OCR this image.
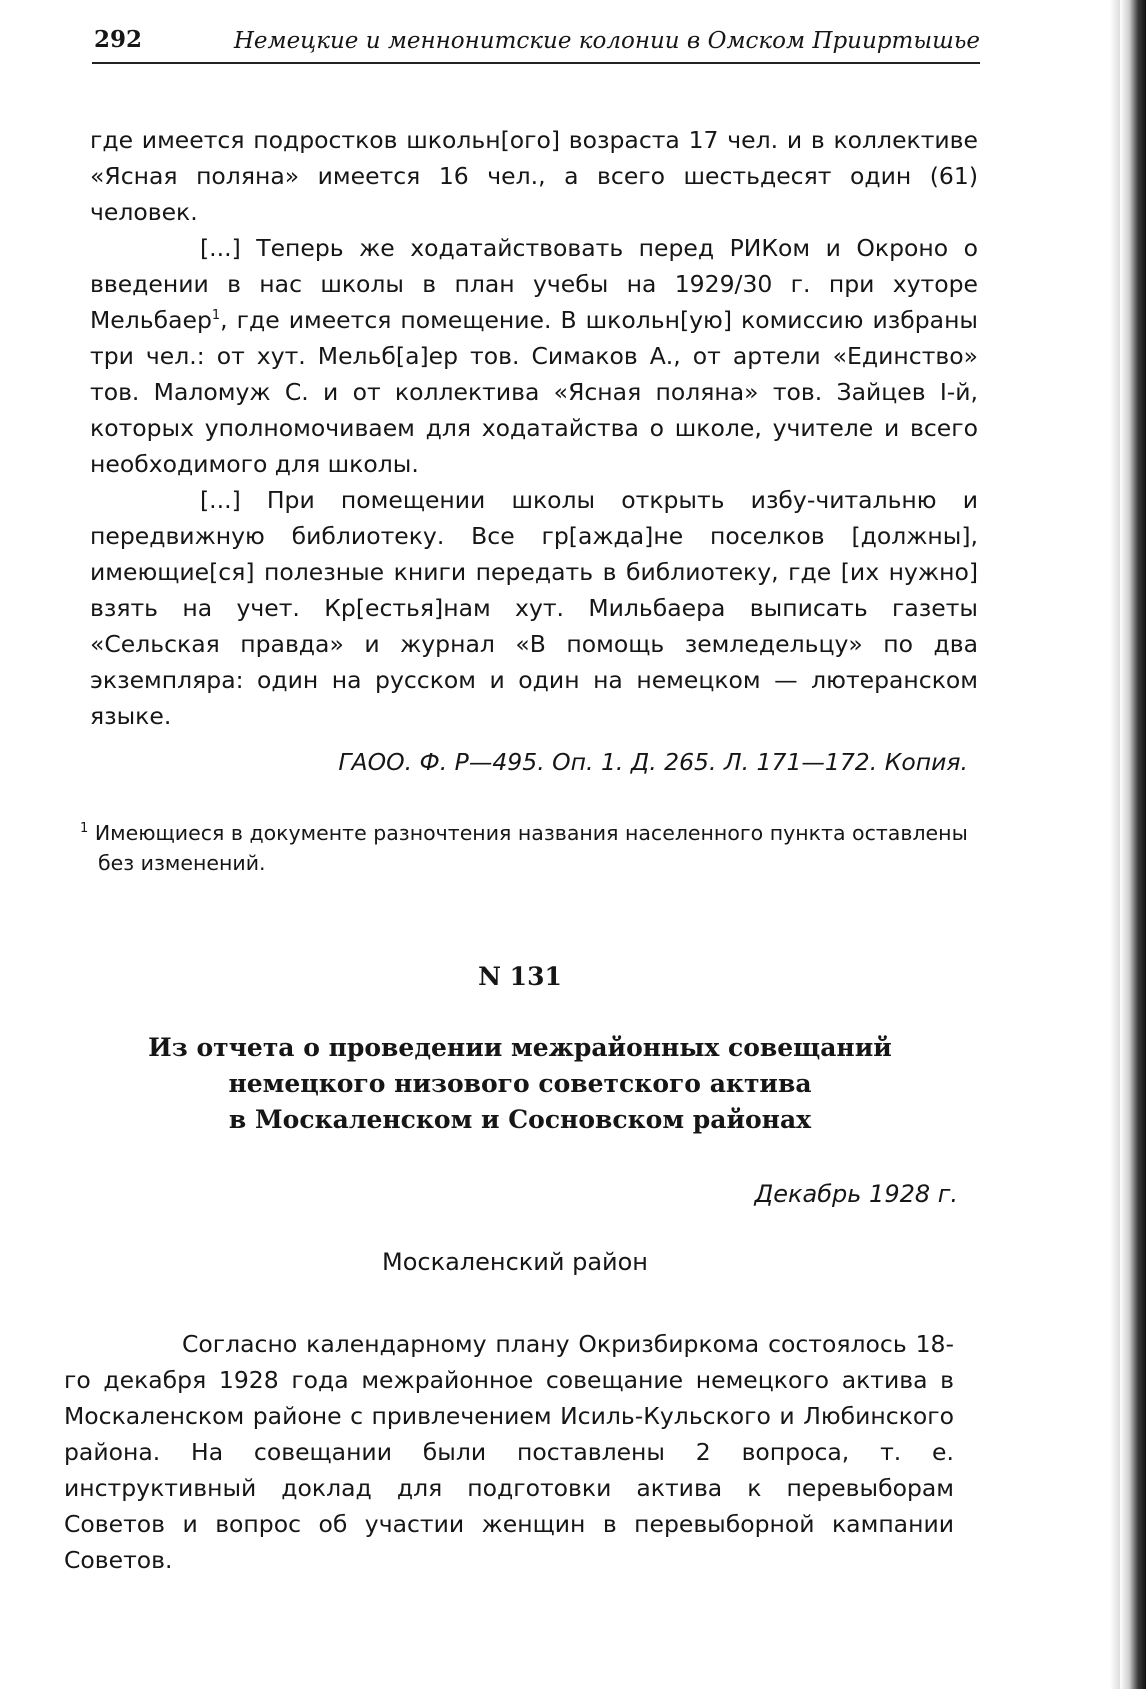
292	Немецкие и меннонитские колонии в Омском Прииртышье

где имеется подростков школьн[ого] возраста 17 чел. и в коллективе «Ясная поляна» имеется 16 чел., а всего шестьдесят один (61) человек.

[...] Теперь же ходатайствовать перед РИКом и Окроно о введении в нас школы в план учебы на 1929/30 г. при хуторе Мельбаер$^1$, где имеется помещение. В школьн[ую] комиссию избраны три чел.: от хут. Мельб[а]ер тов. Симаков А., от артели «Единство» тов. Маломуж С. и от коллектива «Ясная поляна» тов. Зайцев I-й, которых уполномочиваем для ходатайства о школе, учителе и всего необходимого для школы.

[...] При помещении школы открыть избу-читальню и передвижную библиотеку. Все гр[ажда]не поселков [должны], имеющие[ся] полезные книги передать в библиотеку, где [их нужно] взять на учет. Кр[естья]нам хут. Мильбаера выписать газеты «Сельская правда» и журнал «В помощь земледельцу» по два экземпляра: один на русском и один на немецком — лютеранском языке.

ГАОО. Ф. Р—495. Оп. 1. Д. 265. Л. 171—172. Копия.
$^1$ Имеющиеся в документе разночтения названия населенного пункта оставлены без изменений.
N 131
Из отчета о проведении межрайонных совещаний
немецкого низового советского актива
в Москаленском и Сосновском районах
Декабрь 1928 г.
Москаленский район
Согласно календарному плану Окризбиркома состоялось 18-го декабря 1928 года межрайонное совещание немецкого актива в Москаленском районе с привлечением Исиль-Кульского и Любинского района. На совещании были поставлены 2 вопроса, т. е. инструктивный доклад для подготовки актива к перевыборам Советов и вопрос об участии женщин в перевыборной кампании Советов.
